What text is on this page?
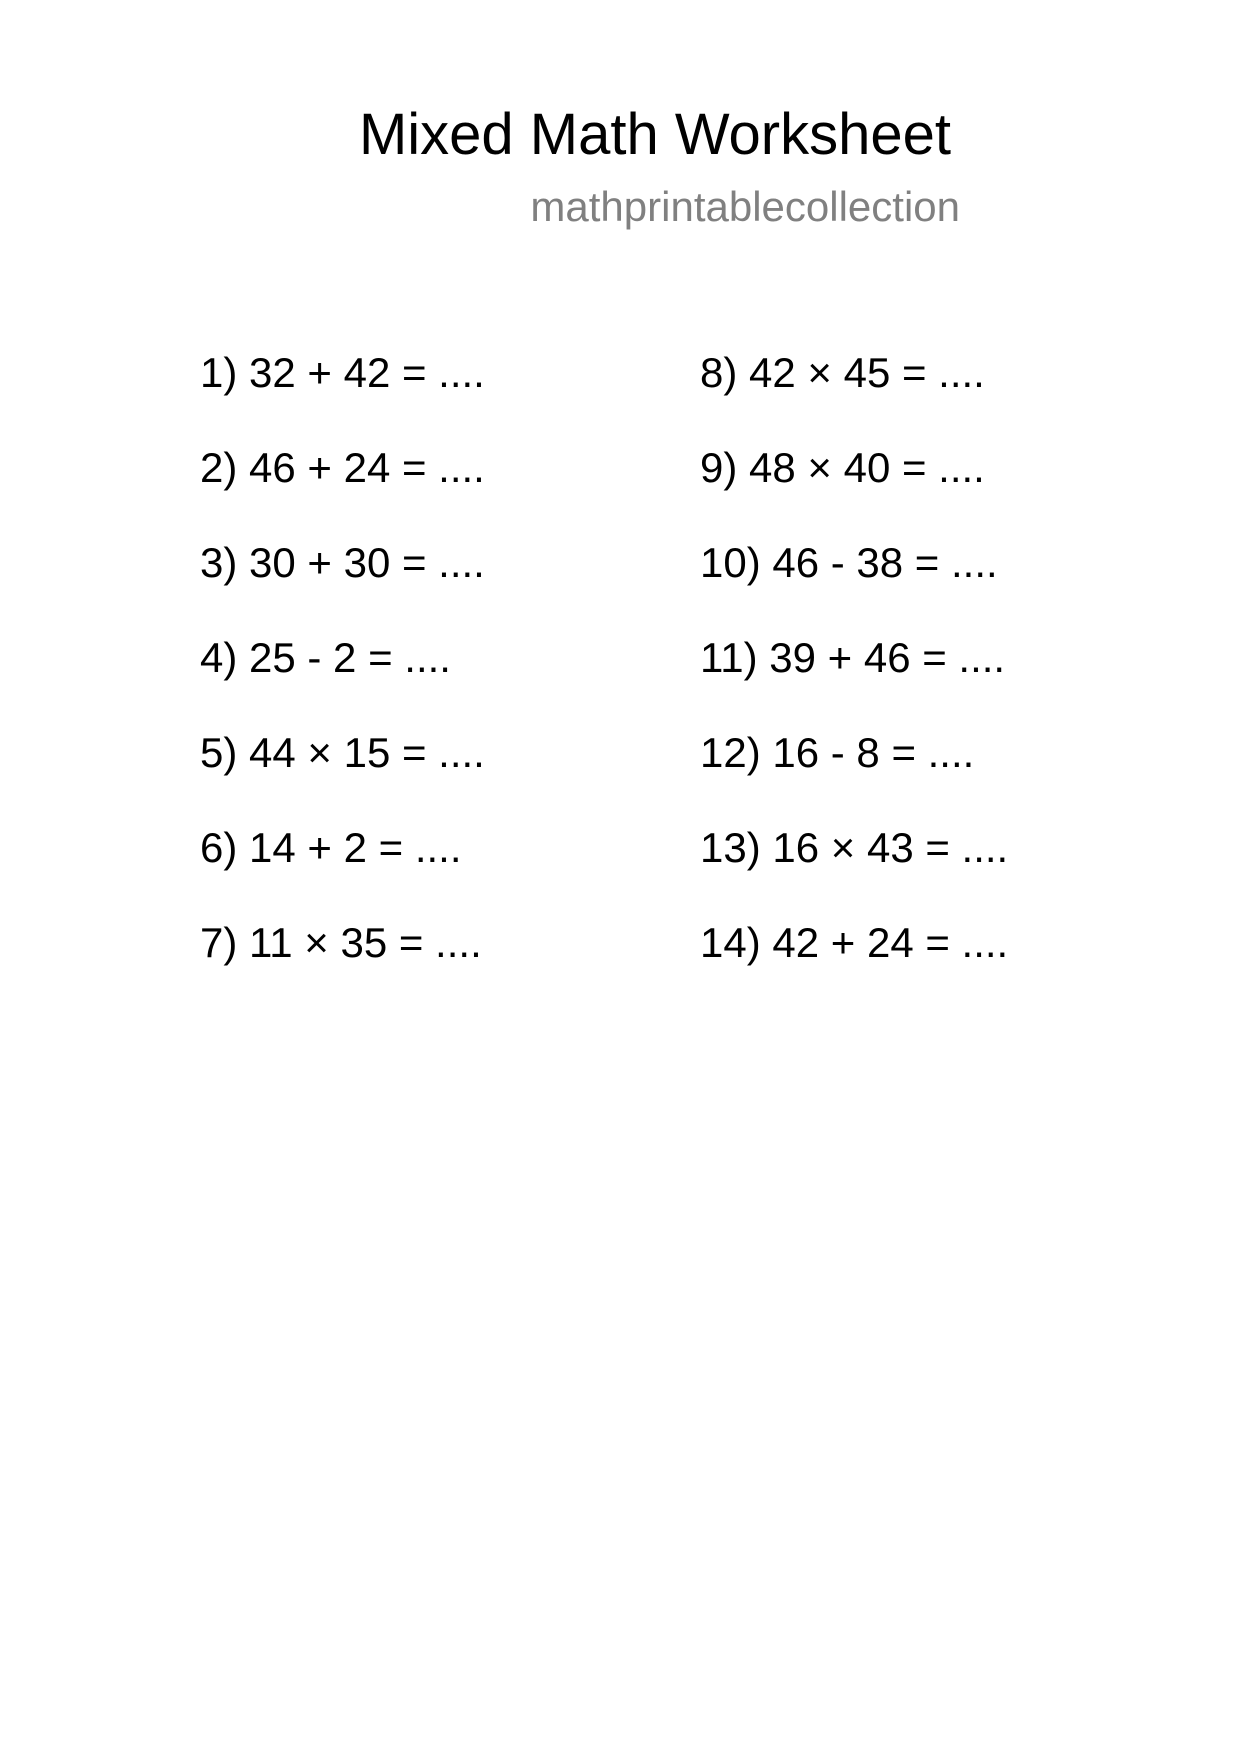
Mixed Math Worksheet
mathprintablecollection
1) 32 + 42 = ....
2) 46 + 24 = ....
3) 30 + 30 = ....
4) 25 - 2 = ....
5) 44 × 15 = ....
6) 14 + 2 = ....
7) 11 × 35 = ....
8) 42 × 45 = ....
9) 48 × 40 = ....
10) 46 - 38 = ....
11) 39 + 46 = ....
12) 16 - 8 = ....
13) 16 × 43 = ....
14) 42 + 24 = ....
